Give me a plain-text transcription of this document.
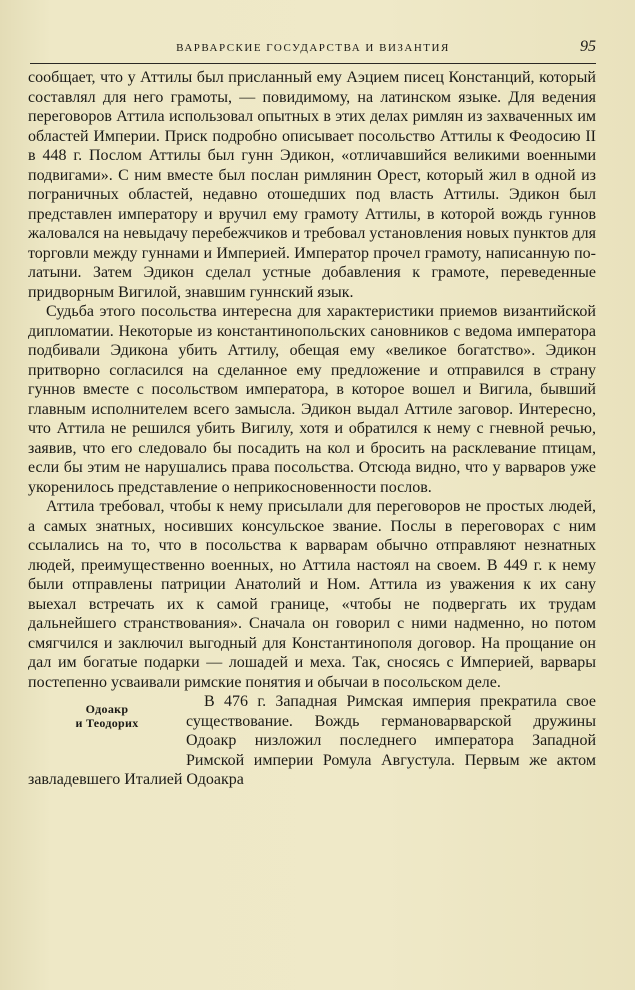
ВАРВАРСКИЕ ГОСУДАРСТВА И ВИЗАНТИЯ	95

сообщает, что у Аттилы был присланный ему Аэцием писец Констанций, который составлял для него грамоты, — повидимому, на латинском языке. Для ведения переговоров Аттила использовал опытных в этих делах римлян из захваченных им областей Империи. Приск подробно описывает посольство Аттилы к Феодосию II в 448 г. Послом Аттилы был гунн Эдикон, «отличавшийся великими военными подвигами». С ним вместе был послан римлянин Орест, который жил в одной из пограничных областей, недавно отошедших под власть Аттилы. Эдикон был представлен императору и вручил ему грамоту Аттилы, в которой вождь гуннов жаловался на невыдачу перебежчиков и требовал установления новых пунктов для торговли между гуннами и Империей. Император прочел грамоту, написанную по-латыни. Затем Эдикон сделал устные добавления к грамоте, переведенные придворным Вигилой, знавшим гуннский язык.

Судьба этого посольства интересна для характеристики приемов византийской дипломатии. Некоторые из константинопольских сановников с ведома императора подбивали Эдикона убить Аттилу, обещая ему «великое богатство». Эдикон притворно согласился на сделанное ему предложение и отправился в страну гуннов вместе с посольством императора, в которое вошел и Вигила, бывший главным исполнителем всего замысла. Эдикон выдал Аттиле заговор. Интересно, что Аттила не решился убить Вигилу, хотя и обратился к нему с гневной речью, заявив, что его следовало бы посадить на кол и бросить на расклевание птицам, если бы этим не нарушались права посольства. Отсюда видно, что у варваров уже укоренилось представление о неприкосновенности послов.

Аттила требовал, чтобы к нему присылали для переговоров не простых людей, а самых знатных, носивших консульское звание. Послы в переговорах с ним ссылались на то, что в посольства к варварам обычно отправляют незнатных людей, преимущественно военных, но Аттила настоял на своем. В 449 г. к нему были отправлены патриции Анатолий и Ном. Аттила из уважения к их сану выехал встречать их к самой границе, «чтобы не подвергать их трудам дальнейшего странствования». Сначала он говорил с ними надменно, но потом смягчился и заключил выгодный для Константинополя договор. На прощание он дал им богатые подарки — лошадей и меха. Так, сносясь с Империей, варвары постепенно усваивали римские понятия и обычаи в посольском деле.

Одоакр
и Теодорих

В 476 г. Западная Римская империя прекратила свое существование. Вождь германоварварской дружины Одоакр низложил последнего императора Западной Римской империи Ромула Августула. Первым же актом завладевшего Италией Одоакра
